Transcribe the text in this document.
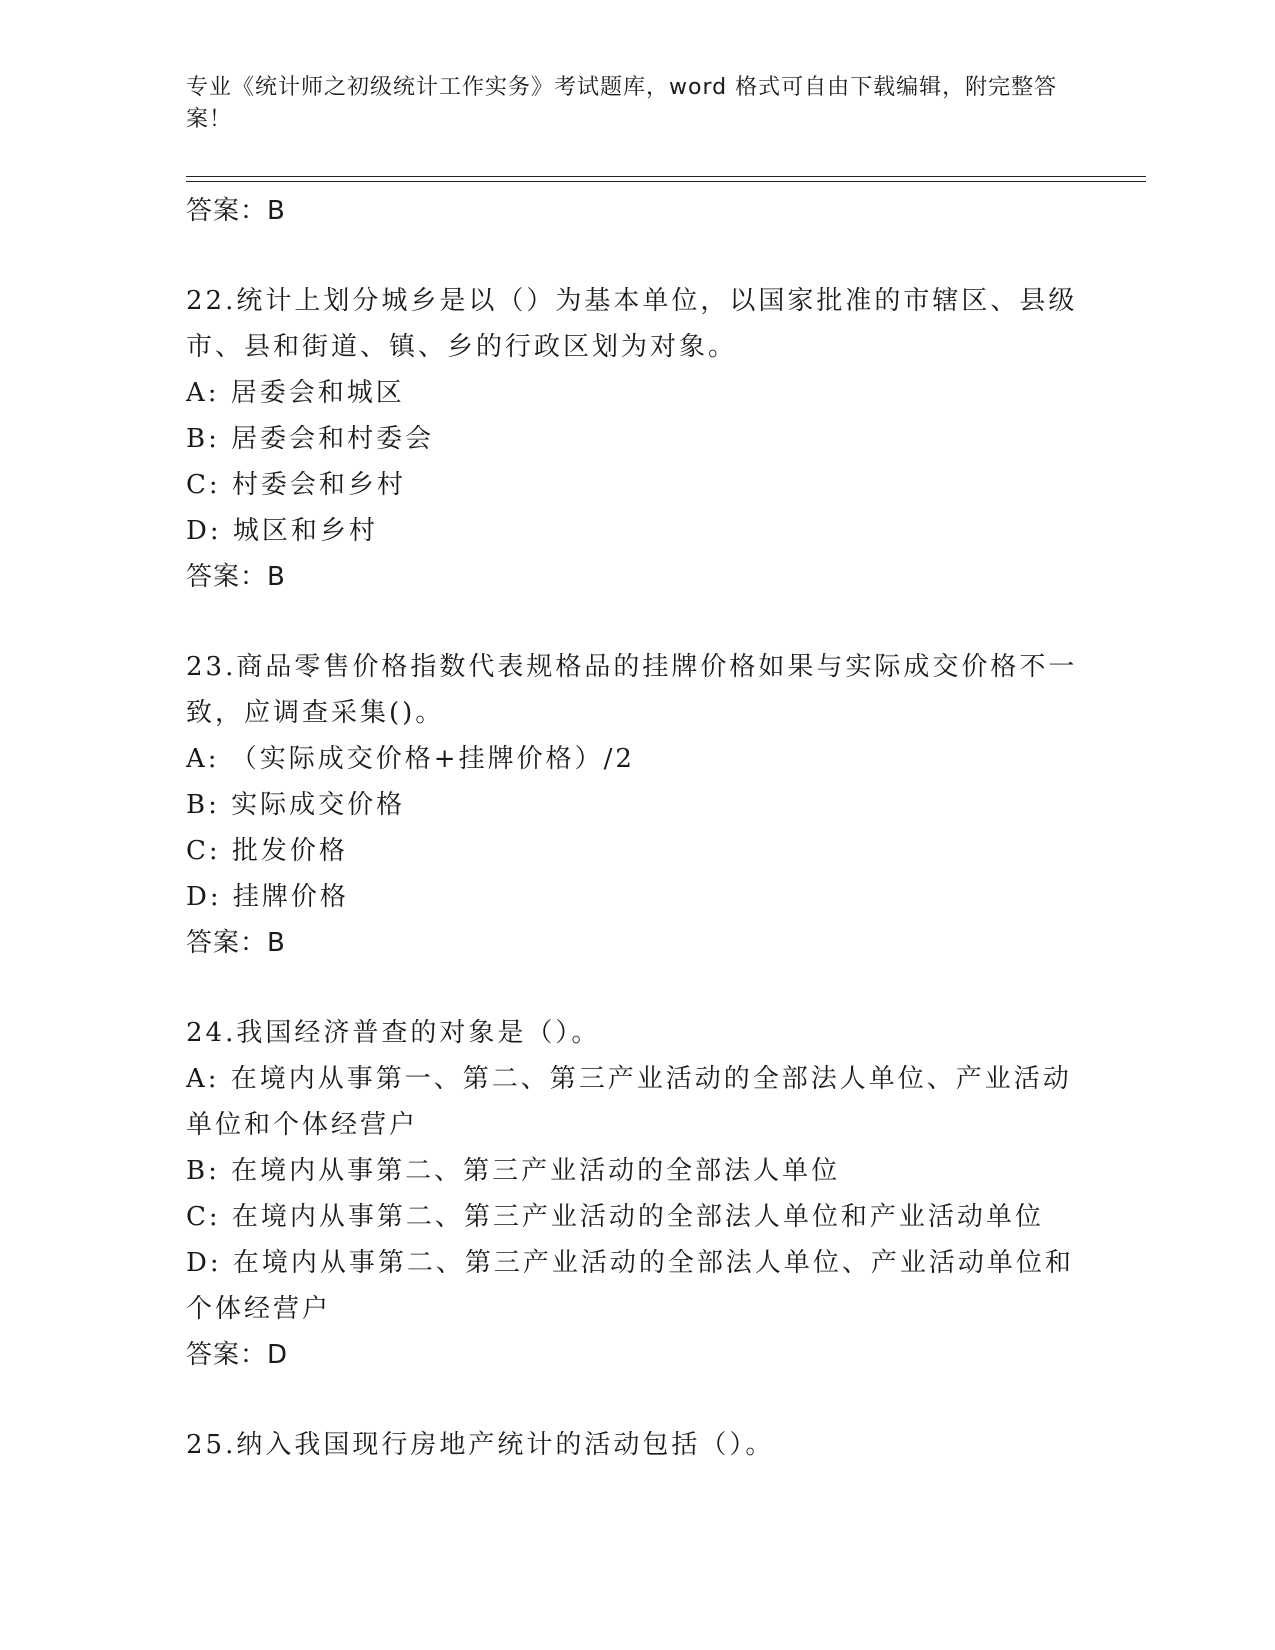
专业《统计师之初级统计工作实务》考试题库，word 格式可自由下载编辑，附完整答案！
答案：B
22.统计上划分城乡是以（）为基本单位，以国家批准的市辖区、县级市、县和街道、镇、乡的行政区划为对象。
A: 居委会和城区
B: 居委会和村委会
C: 村委会和乡村
D: 城区和乡村
答案：B
23.商品零售价格指数代表规格品的挂牌价格如果与实际成交价格不一致，应调查采集()。
A: （实际成交价格+挂牌价格）/2
B: 实际成交价格
C: 批发价格
D: 挂牌价格
答案：B
24.我国经济普查的对象是（）。
A: 在境内从事第一、第二、第三产业活动的全部法人单位、产业活动单位和个体经营户
B: 在境内从事第二、第三产业活动的全部法人单位
C: 在境内从事第二、第三产业活动的全部法人单位和产业活动单位
D: 在境内从事第二、第三产业活动的全部法人单位、产业活动单位和个体经营户
答案：D
25.纳入我国现行房地产统计的活动包括（）。
